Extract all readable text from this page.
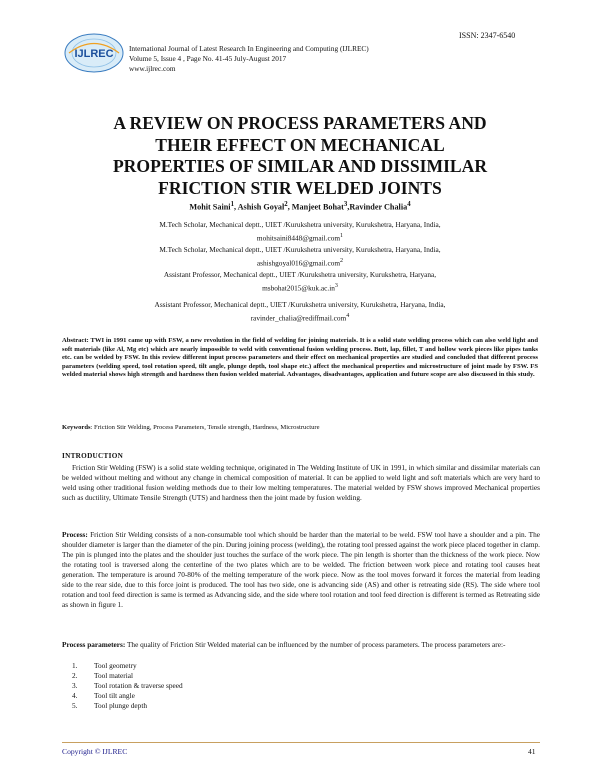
ISSN: 2347-6540
IJLREC International Journal of Latest Research In Engineering and Computing (IJLREC)
Volume 5, Issue 4 , Page No. 41-45 July-August 2017
www.ijlrec.com
A REVIEW ON PROCESS PARAMETERS AND
THEIR EFFECT ON MECHANICAL
PROPERTIES OF SIMILAR AND DISSIMILAR
FRICTION STIR WELDED JOINTS
Mohit Saini$^1$, Ashish Goyal$^2$, Manjeet Bohat$^3$,Ravinder Chalia$^4$
M.Tech Scholar, Mechanical deptt., UIET /Kurukshetra university, Kurukshetra, Haryana, India,
mohitsaini8448@gmail.com$^1$
M.Tech Scholar, Mechanical deptt., UIET /Kurukshetra university, Kurukshetra, Haryana, India,
ashishgoyal016@gmail.com$^2$
Assistant Professor, Mechanical deptt., UIET /Kurukshetra university, Kurukshetra, Haryana,
$msbohat2015@kuk.ac.in^3$
Assistant Professor, Mechanical deptt., UIET /Kurukshetra university, Kurukshetra, Haryana, India,
ravinder_chalia@rediffmail.com$^4$
Abstract: TWI in 1991 came up with FSW, a new revolution in the field of welding for joining materials. It is a solid state welding process which can also weld light and soft materials (like Al, Mg etc) which are nearly impossible to weld with conventional fusion welding process. Butt, lap, fillet, T and hollow work pieces like pipes tanks etc. can be welded by FSW. In this review different input process parameters and their effect on mechanical properties are studied and concluded that different process parameters (welding speed, tool rotation speed, tilt angle, plunge depth, tool shape etc.) affect the mechanical properties and microstructure of joint made by FSW. FS welded material shows high strength and hardness then fusion welded material. Advantages, disadvantages, application and future scope are also discussed in this study.
Keywords: Friction Stir Welding, Process Parameters, Tensile strength, Hardness, Microstructure
INTRODUCTION
Friction Stir Welding (FSW) is a solid state welding technique, originated in The Welding Institute of UK in 1991, in which similar and dissimilar materials can be welded without melting and without any change in chemical composition of material. It can be applied to weld light and soft materials which are very hard to weld using other traditional fusion welding methods due to their low melting temperatures. The material welded by FSW shows improved Mechanical properties such as ductility, Ultimate Tensile Strength (UTS) and hardness then the joint made by fusion welding.
Process: Friction Stir Welding consists of a non-consumable tool which should be harder than the material to be weld. FSW tool have a shoulder and a pin. The shoulder diameter is larger than the diameter of the pin. During joining process (welding), the rotating tool pressed against the work piece placed together in clamp. The pin is plunged into the plates and the shoulder just touches the surface of the work piece. The pin length is shorter than the thickness of the work piece. Now the rotating tool is traversed along the centerline of the two plates which are to be welded. The friction between work piece and rotating tool causes heat generation. The temperature is around 70-80% of the melting temperature of the work piece. Now as the tool moves forward it forces the material from leading side to the rear side, due to this force joint is produced. The tool has two side, one is advancing side (AS) and other is retreating side (RS). The side where tool rotation and tool feed direction is same is termed as Advancing side, and the side where tool rotation and tool feed direction is different is termed as Retreating side as shown in figure 1.
Process parameters: The quality of Friction Stir Welded material can be influenced by the number of process parameters. The process parameters are:-
1.	Tool geometry
2.	Tool material
3.	Tool rotation & traverse speed
4.	Tool tilt angle
5.	Tool plunge depth
Copyright © IJLREC	41
